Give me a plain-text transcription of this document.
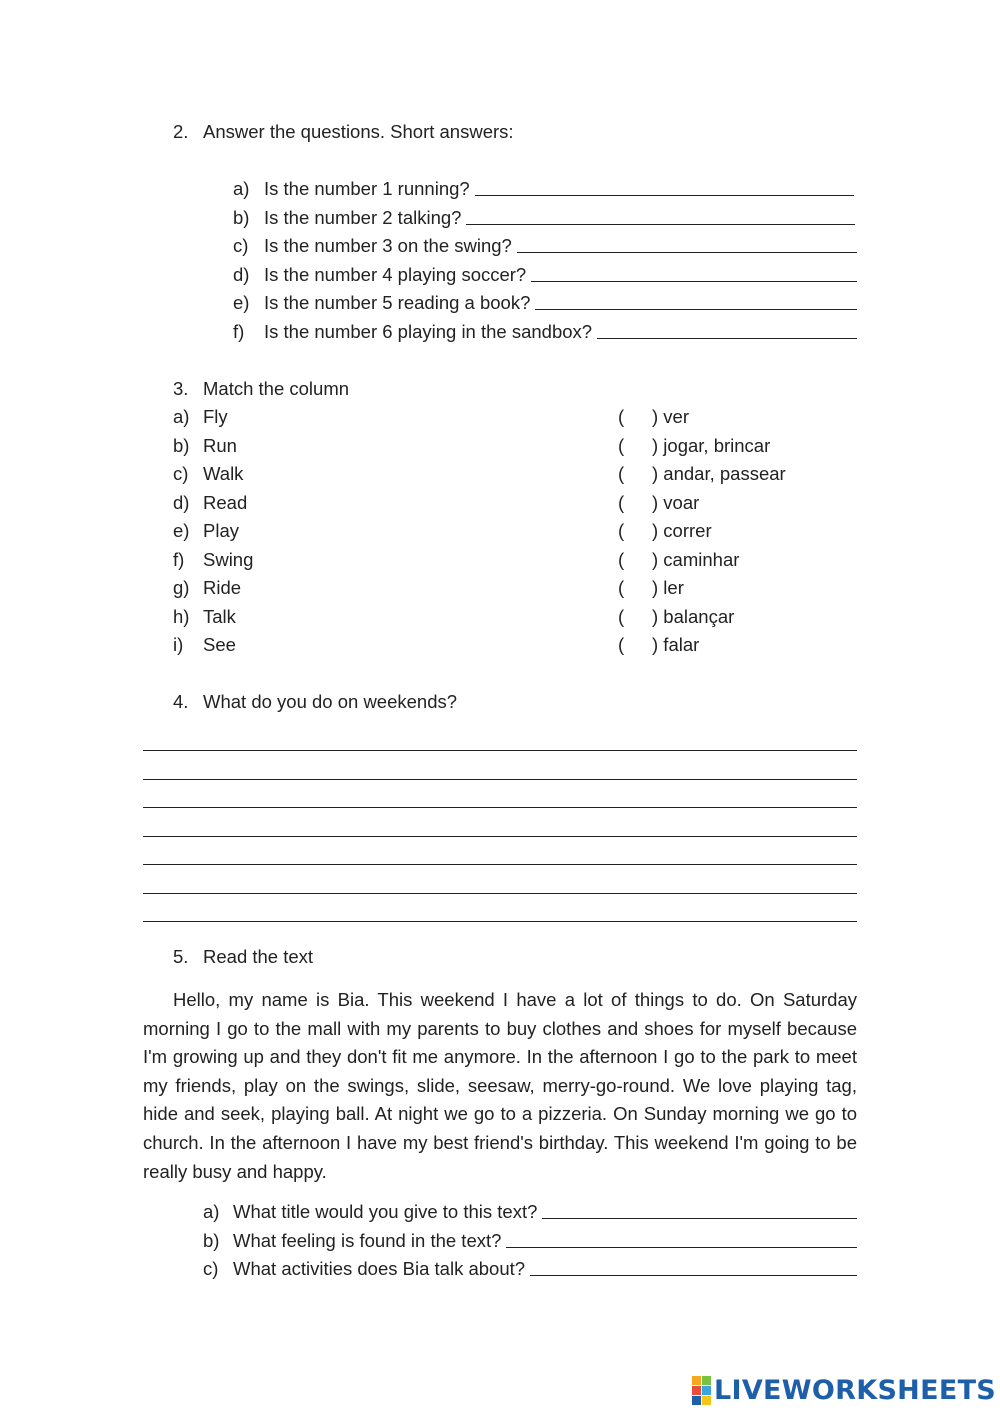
2. Answer the questions. Short answers:
a) Is the number 1 running?
b) Is the number 2 talking?
c) Is the number 3 on the swing?
d) Is the number 4 playing soccer?
e) Is the number 5 reading a book?
f) Is the number 6 playing in the sandbox?
3. Match the column
a) Fly
b) Run
c) Walk
d) Read
e) Play
f) Swing
g) Ride
h) Talk
i) See
( ) ver
( ) jogar, brincar
( ) andar, passear
( ) voar
( ) correr
( ) caminhar
( ) ler
( ) balançar
( ) falar
4. What do you do on weekends?
5. Read the text
Hello, my name is Bia. This weekend I have a lot of things to do. On Saturday morning I go to the mall with my parents to buy clothes and shoes for myself because I'm growing up and they don't fit me anymore. In the afternoon I go to the park to meet my friends, play on the swings, slide, seesaw, merry-go-round. We love playing tag, hide and seek, playing ball. At night we go to a pizzeria. On Sunday morning we go to church. In the afternoon I have my best friend's birthday. This weekend I'm going to be really busy and happy.
a) What title would you give to this text?
b) What feeling is found in the text?
c) What activities does Bia talk about?
LIVEWORKSHEETS
